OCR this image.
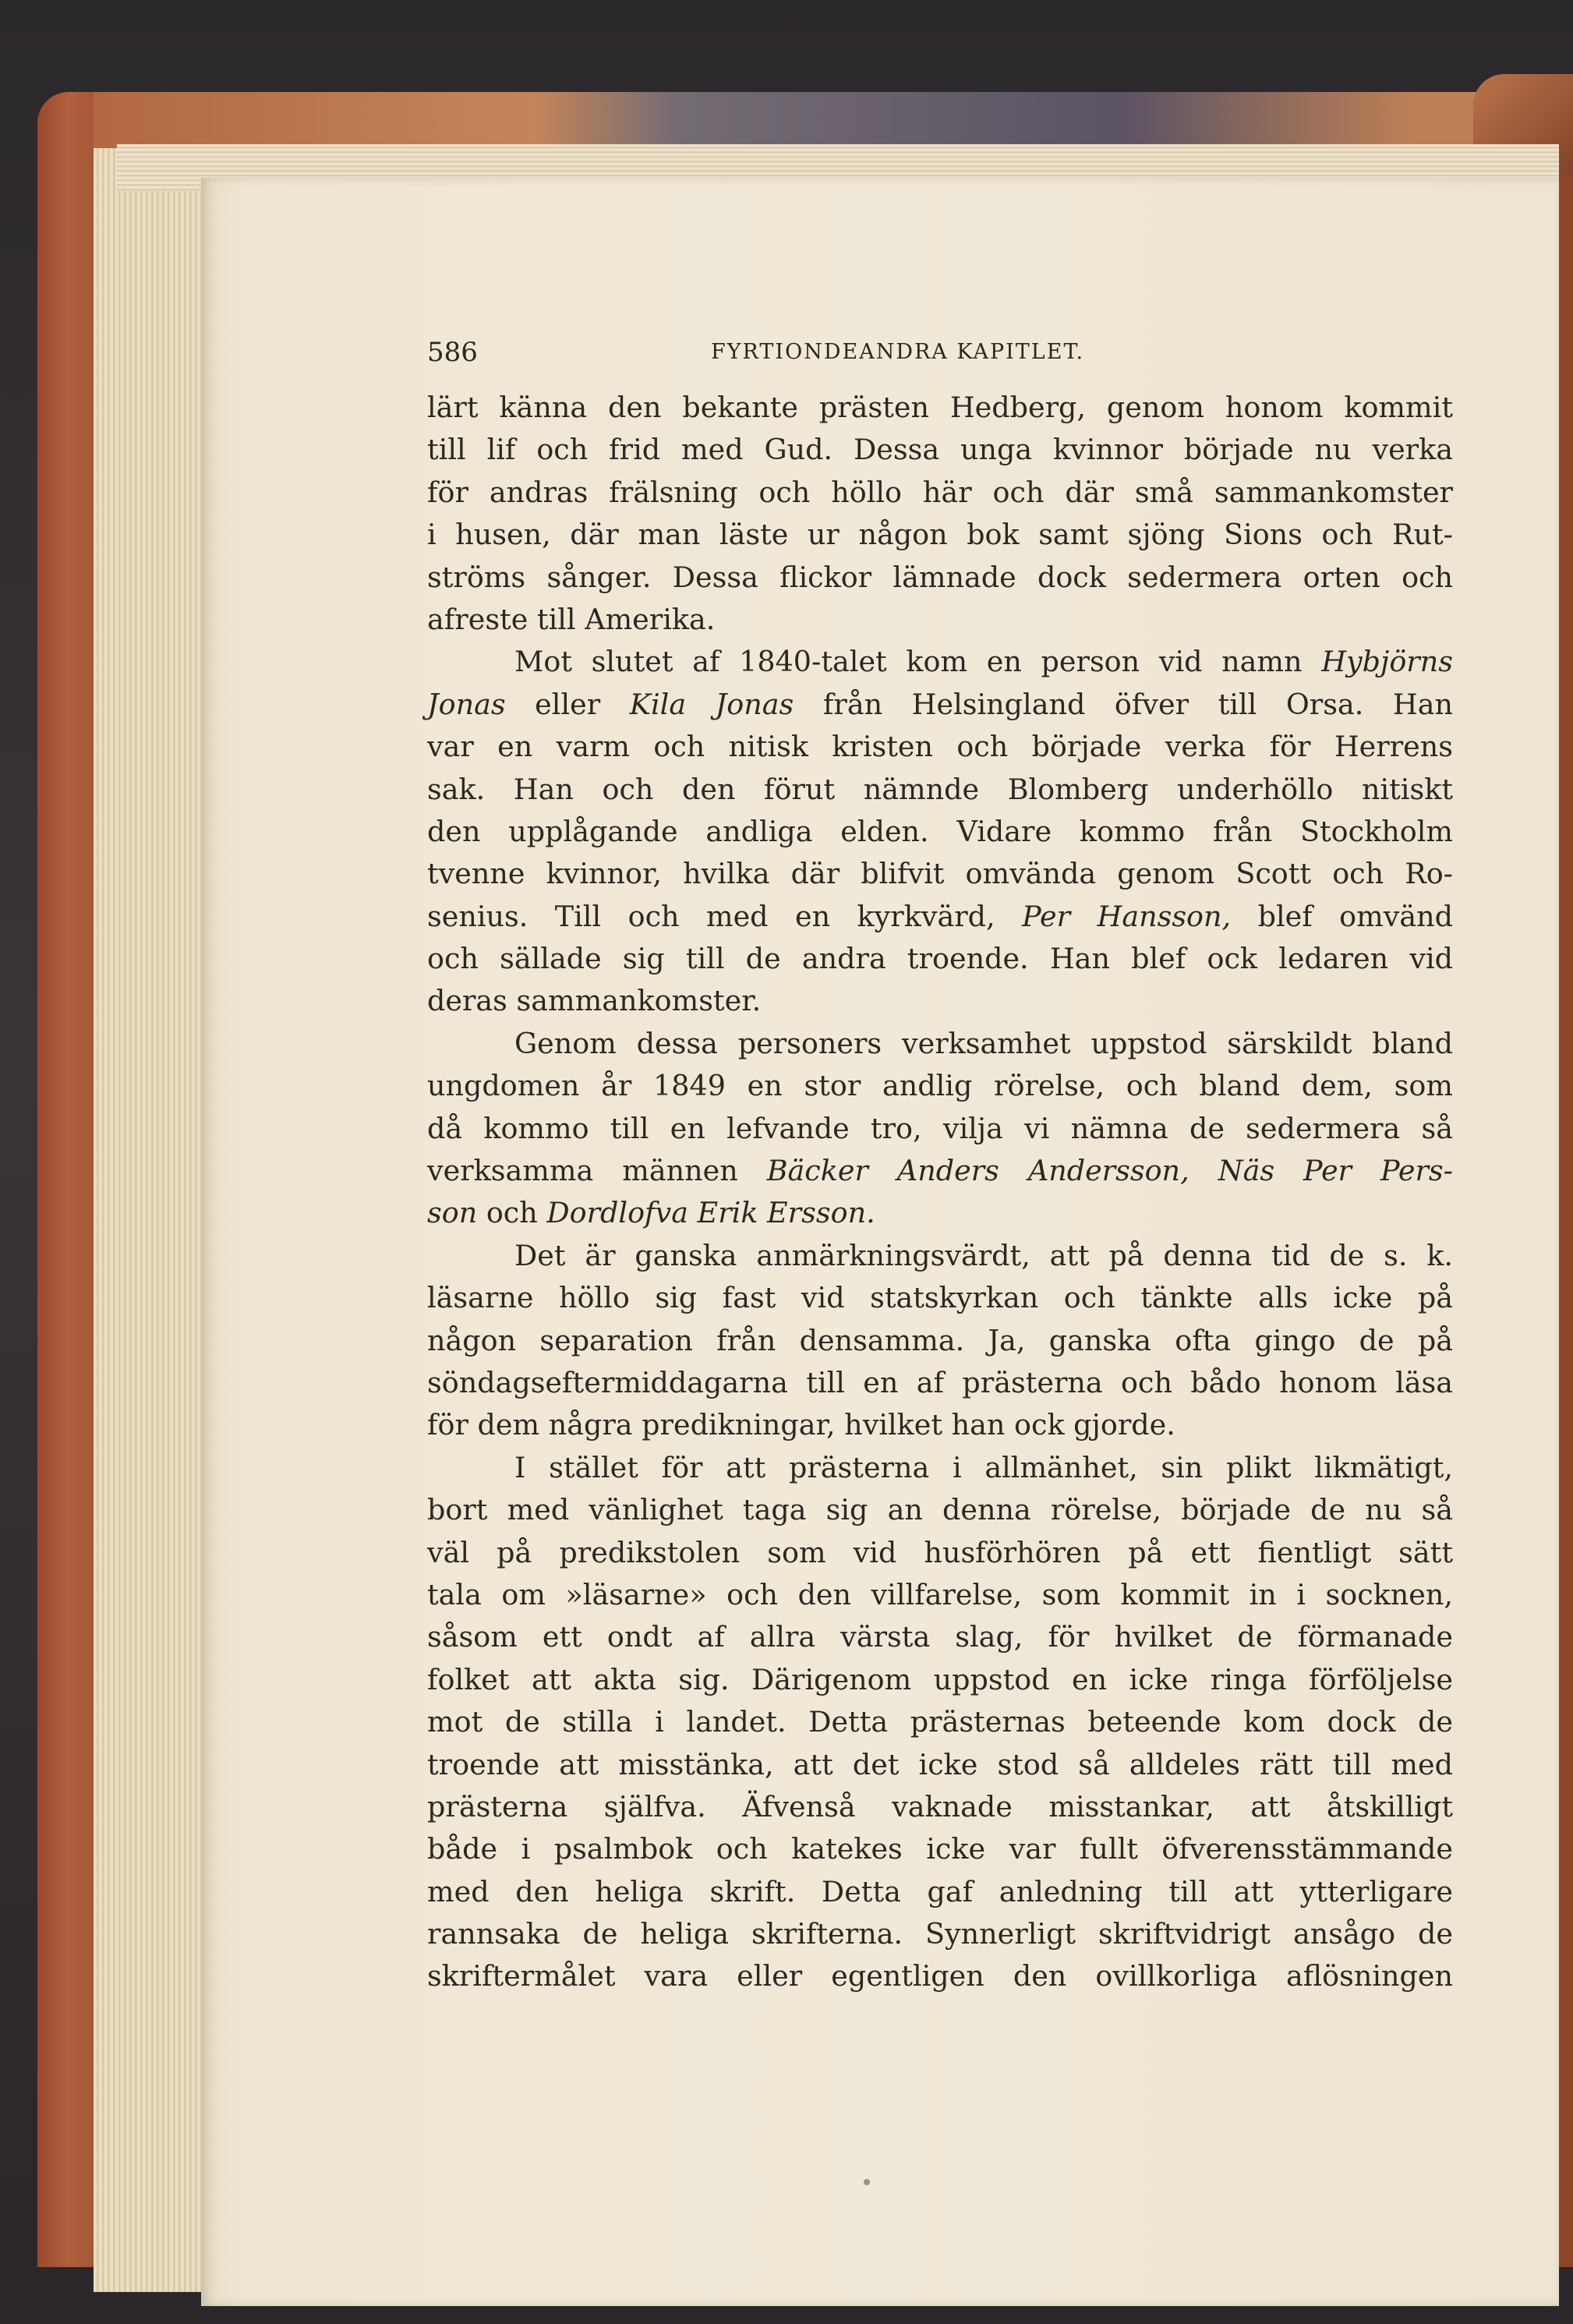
586	FYRTIONDEANDRA KAPITLET.
lärt känna den bekante prästen Hedberg, genom honom kommit
till lif och frid med Gud. Dessa unga kvinnor började nu verka
för andras frälsning och höllo här och där små sammankomster
i husen, där man läste ur någon bok samt sjöng Sions och Rut-
ströms sånger. Dessa flickor lämnade dock sedermera orten och
afreste till Amerika.
Mot slutet af 1840-talet kom en person vid namn Hybjörns
Jonas eller Kila Jonas från Helsingland öfver till Orsa. Han
var en varm och nitisk kristen och började verka för Herrens
sak. Han och den förut nämnde Blomberg underhöllo nitiskt
den upplågande andliga elden. Vidare kommo från Stockholm
tvenne kvinnor, hvilka där blifvit omvända genom Scott och Ro-
senius. Till och med en kyrkvärd, Per Hansson, blef omvänd
och sällade sig till de andra troende. Han blef ock ledaren vid
deras sammankomster.
Genom dessa personers verksamhet uppstod särskildt bland
ungdomen år 1849 en stor andlig rörelse, och bland dem, som
då kommo till en lefvande tro, vilja vi nämna de sedermera så
verksamma männen Bäcker Anders Andersson, Näs Per Pers-
son och Dordlofva Erik Ersson.
Det är ganska anmärkningsvärdt, att på denna tid de s. k.
läsarne höllo sig fast vid statskyrkan och tänkte alls icke på
någon separation från densamma. Ja, ganska ofta gingo de på
söndagseftermiddagarna till en af prästerna och bådo honom läsa
för dem några predikningar, hvilket han ock gjorde.
I stället för att prästerna i allmänhet, sin plikt likmätigt,
bort med vänlighet taga sig an denna rörelse, började de nu så
väl på predikstolen som vid husförhören på ett fientligt sätt
tala om »läsarne» och den villfarelse, som kommit in i socknen,
såsom ett ondt af allra värsta slag, för hvilket de förmanade
folket att akta sig. Därigenom uppstod en icke ringa förföljelse
mot de stilla i landet. Detta prästernas beteende kom dock de
troende att misstänka, att det icke stod så alldeles rätt till med
prästerna själfva. Äfvenså vaknade misstankar, att åtskilligt
både i psalmbok och katekes icke var fullt öfverensstämmande
med den heliga skrift. Detta gaf anledning till att ytterligare
rannsaka de heliga skrifterna. Synnerligt skriftvidrigt ansågo de
skriftermålet vara eller egentligen den ovillkorliga aflösningen
